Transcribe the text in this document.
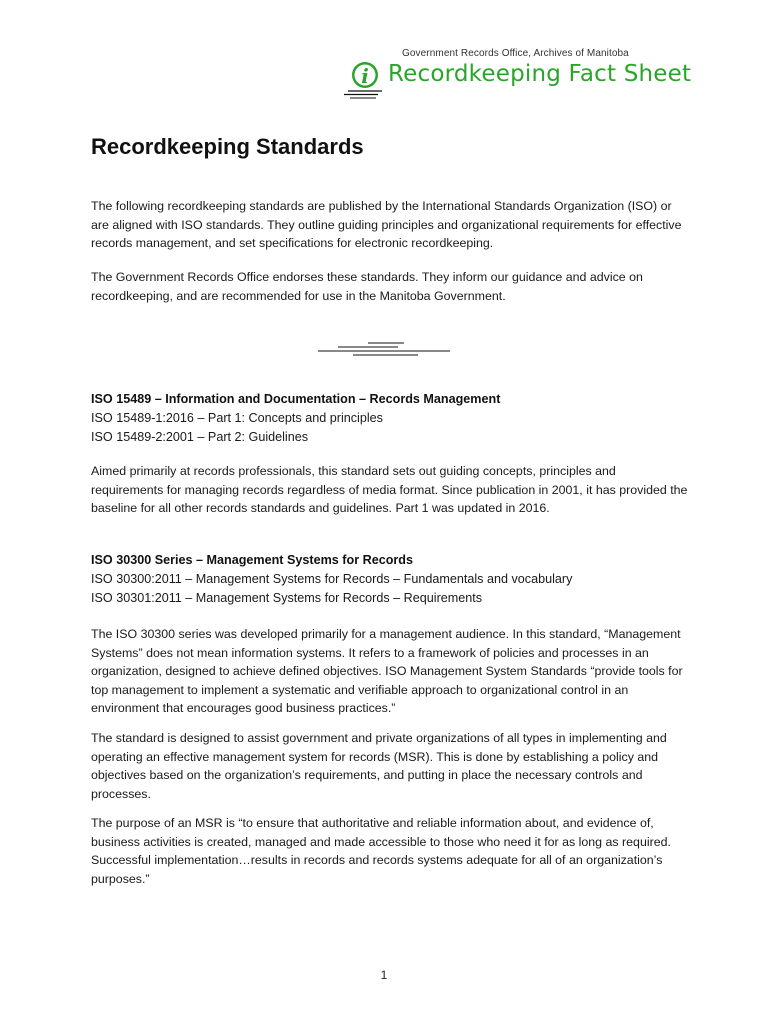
Government Records Office, Archives of Manitoba
i Recordkeeping Fact Sheet
Recordkeeping Standards

The following recordkeeping standards are published by the International Standards Organization (ISO) or are aligned with ISO standards. They outline guiding principles and organizational requirements for effective records management, and set specifications for electronic recordkeeping.

The Government Records Office endorses these standards. They inform our guidance and advice on recordkeeping, and are recommended for use in the Manitoba Government.

ISO 15489 – Information and Documentation – Records Management

ISO 15489-1:2016 – Part 1: Concepts and principles

ISO 15489-2:2001 – Part 2: Guidelines

Aimed primarily at records professionals, this standard sets out guiding concepts, principles and requirements for managing records regardless of media format. Since publication in 2001, it has provided the baseline for all other records standards and guidelines. Part 1 was updated in 2016.

ISO 30300 Series – Management Systems for Records

ISO 30300:2011 – Management Systems for Records – Fundamentals and vocabulary

ISO 30301:2011 – Management Systems for Records – Requirements

The ISO 30300 series was developed primarily for a management audience. In this standard, “Management Systems” does not mean information systems. It refers to a framework of policies and processes in an organization, designed to achieve defined objectives. ISO Management System Standards “provide tools for top management to implement a systematic and verifiable approach to organizational control in an environment that encourages good business practices.”

The standard is designed to assist government and private organizations of all types in implementing and operating an effective management system for records (MSR). This is done by establishing a policy and objectives based on the organization’s requirements, and putting in place the necessary controls and processes.

The purpose of an MSR is “to ensure that authoritative and reliable information about, and evidence of, business activities is created, managed and made accessible to those who need it for as long as required. Successful implementation…results in records and records systems adequate for all of an organization’s purposes.”

1
